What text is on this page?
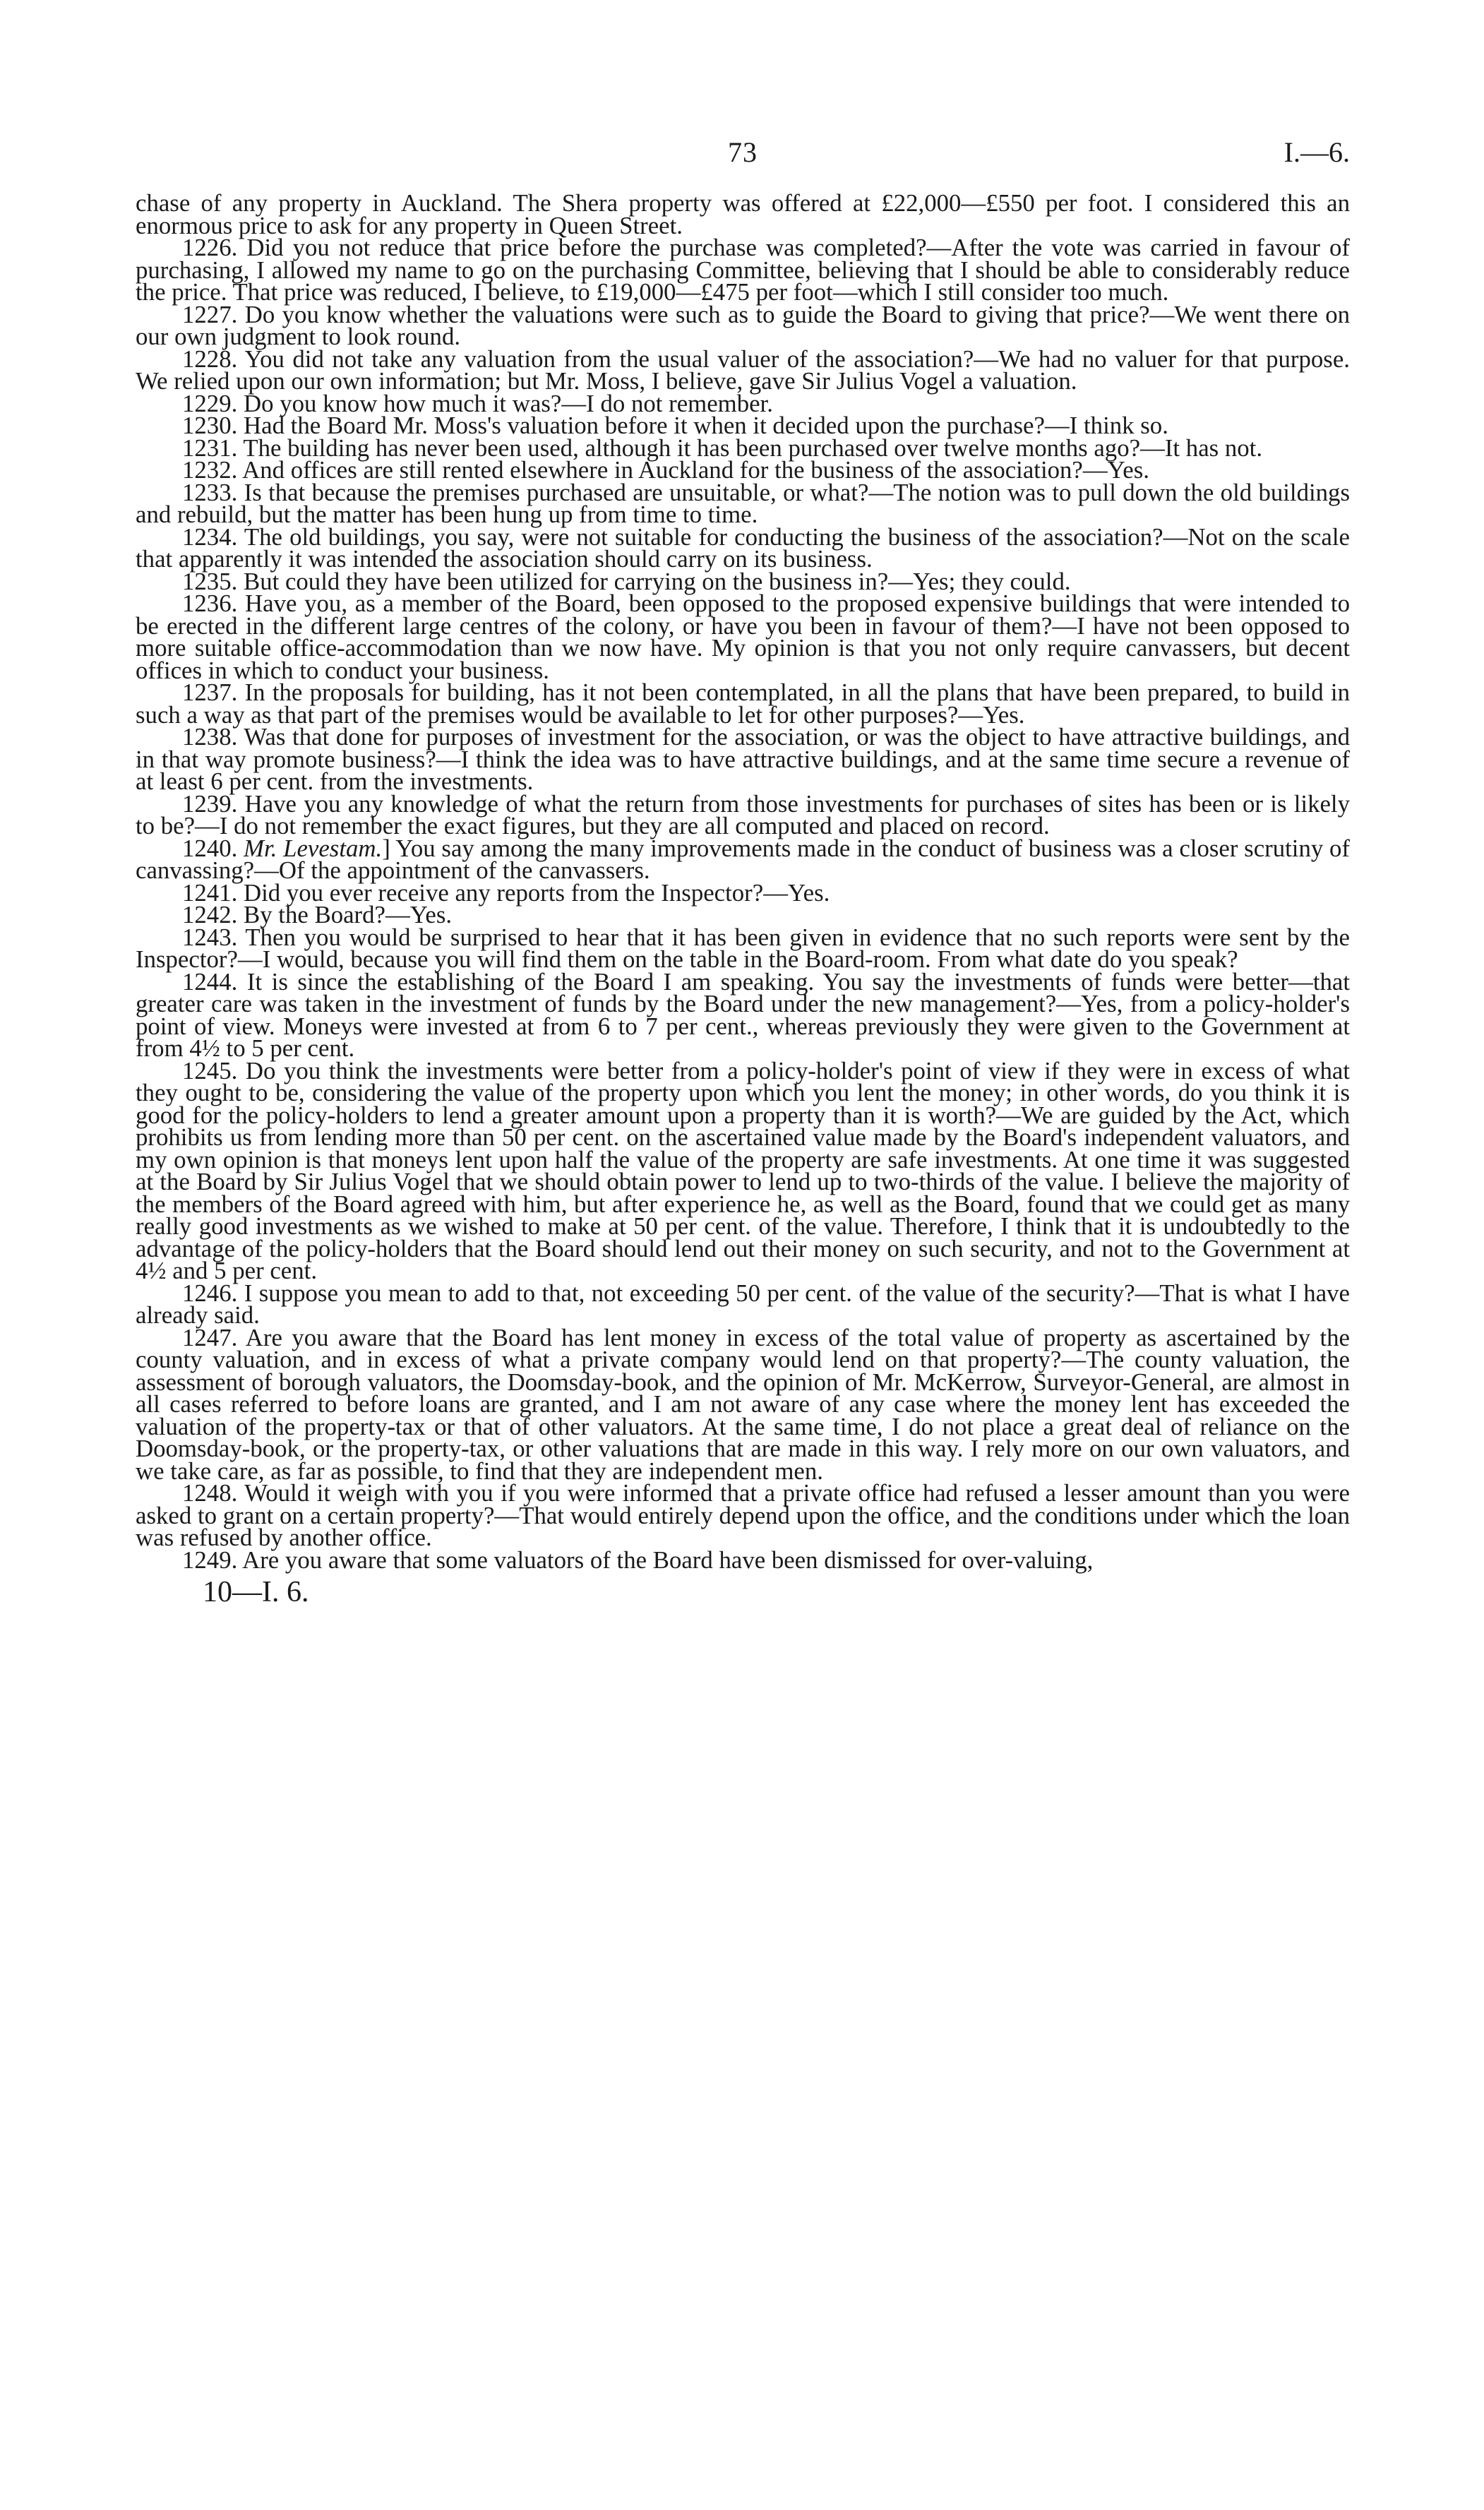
73	I.—6.

chase of any property in Auckland. The Shera property was offered at £22,000—£550 per foot. I considered this an enormous price to ask for any property in Queen Street.

1226. Did you not reduce that price before the purchase was completed?—After the vote was carried in favour of purchasing, I allowed my name to go on the purchasing Committee, believing that I should be able to considerably reduce the price. That price was reduced, I believe, to £19,000—£475 per foot—which I still consider too much.

1227. Do you know whether the valuations were such as to guide the Board to giving that price?—We went there on our own judgment to look round.

1228. You did not take any valuation from the usual valuer of the association?—We had no valuer for that purpose. We relied upon our own information; but Mr. Moss, I believe, gave Sir Julius Vogel a valuation.

1229. Do you know how much it was?—I do not remember.

1230. Had the Board Mr. Moss's valuation before it when it decided upon the purchase?—I think so.

1231. The building has never been used, although it has been purchased over twelve months ago?—It has not.

1232. And offices are still rented elsewhere in Auckland for the business of the association?—Yes.

1233. Is that because the premises purchased are unsuitable, or what?—The notion was to pull down the old buildings and rebuild, but the matter has been hung up from time to time.

1234. The old buildings, you say, were not suitable for conducting the business of the association?—Not on the scale that apparently it was intended the association should carry on its business.

1235. But could they have been utilized for carrying on the business in?—Yes; they could.

1236. Have you, as a member of the Board, been opposed to the proposed expensive buildings that were intended to be erected in the different large centres of the colony, or have you been in favour of them?—I have not been opposed to more suitable office-accommodation than we now have. My opinion is that you not only require canvassers, but decent offices in which to conduct your business.

1237. In the proposals for building, has it not been contemplated, in all the plans that have been prepared, to build in such a way as that part of the premises would be available to let for other purposes?—Yes.

1238. Was that done for purposes of investment for the association, or was the object to have attractive buildings, and in that way promote business?—I think the idea was to have attractive buildings, and at the same time secure a revenue of at least 6 per cent. from the investments.

1239. Have you any knowledge of what the return from those investments for purchases of sites has been or is likely to be?—I do not remember the exact figures, but they are all computed and placed on record.

1240. Mr. Levestam.] You say among the many improvements made in the conduct of business was a closer scrutiny of canvassing?—Of the appointment of the canvassers.

1241. Did you ever receive any reports from the Inspector?—Yes.

1242. By the Board?—Yes.

1243. Then you would be surprised to hear that it has been given in evidence that no such reports were sent by the Inspector?—I would, because you will find them on the table in the Board-room. From what date do you speak?

1244. It is since the establishing of the Board I am speaking. You say the investments of funds were better—that greater care was taken in the investment of funds by the Board under the new management?—Yes, from a policy-holder's point of view. Moneys were invested at from 6 to 7 per cent., whereas previously they were given to the Government at from 4½ to 5 per cent.

1245. Do you think the investments were better from a policy-holder's point of view if they were in excess of what they ought to be, considering the value of the property upon which you lent the money; in other words, do you think it is good for the policy-holders to lend a greater amount upon a property than it is worth?—We are guided by the Act, which prohibits us from lending more than 50 per cent. on the ascertained value made by the Board's independent valuators, and my own opinion is that moneys lent upon half the value of the property are safe investments. At one time it was suggested at the Board by Sir Julius Vogel that we should obtain power to lend up to two-thirds of the value. I believe the majority of the members of the Board agreed with him, but after experience he, as well as the Board, found that we could get as many really good investments as we wished to make at 50 per cent. of the value. Therefore, I think that it is undoubtedly to the advantage of the policy-holders that the Board should lend out their money on such security, and not to the Government at 4½ and 5 per cent.

1246. I suppose you mean to add to that, not exceeding 50 per cent. of the value of the security?—That is what I have already said.

1247. Are you aware that the Board has lent money in excess of the total value of property as ascertained by the county valuation, and in excess of what a private company would lend on that property?—The county valuation, the assessment of borough valuators, the Doomsday-book, and the opinion of Mr. McKerrow, Surveyor-General, are almost in all cases referred to before loans are granted, and I am not aware of any case where the money lent has exceeded the valuation of the property-tax or that of other valuators. At the same time, I do not place a great deal of reliance on the Doomsday-book, or the property-tax, or other valuations that are made in this way. I rely more on our own valuators, and we take care, as far as possible, to find that they are independent men.

1248. Would it weigh with you if you were informed that a private office had refused a lesser amount than you were asked to grant on a certain property?—That would entirely depend upon the office, and the conditions under which the loan was refused by another office.

1249. Are you aware that some valuators of the Board have been dismissed for over-valuing,

10—I. 6.
